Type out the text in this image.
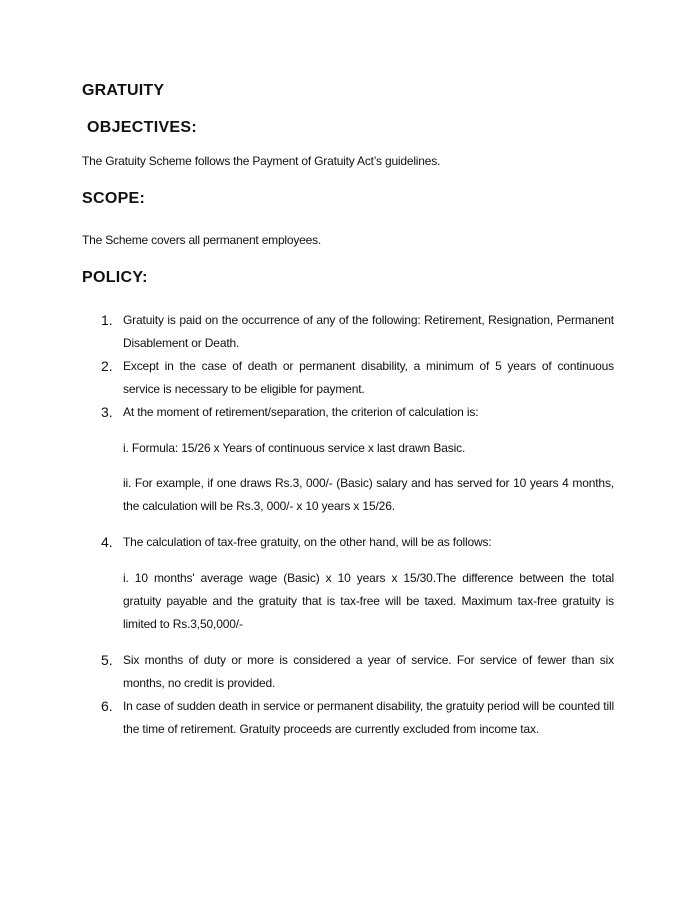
GRATUITY
OBJECTIVES:
The Gratuity Scheme follows the Payment of Gratuity Act’s guidelines.
SCOPE:
The Scheme covers all permanent employees.
POLICY:
1. Gratuity is paid on the occurrence of any of the following: Retirement, Resignation, Permanent Disablement or Death.
2. Except in the case of death or permanent disability, a minimum of 5 years of continuous service is necessary to be eligible for payment.
3. At the moment of retirement/separation, the criterion of calculation is:
i. Formula: 15/26 x Years of continuous service x last drawn Basic.
ii. For example, if one draws Rs.3, 000/- (Basic) salary and has served for 10 years 4 months, the calculation will be Rs.3, 000/- x 10 years x 15/26.
4. The calculation of tax-free gratuity, on the other hand, will be as follows:
i. 10 months' average wage (Basic) x 10 years x 15/30.The difference between the total gratuity payable and the gratuity that is tax-free will be taxed. Maximum tax-free gratuity is limited to Rs.3,50,000/-
5. Six months of duty or more is considered a year of service. For service of fewer than six months, no credit is provided.
6. In case of sudden death in service or permanent disability, the gratuity period will be counted till the time of retirement. Gratuity proceeds are currently excluded from income tax.
